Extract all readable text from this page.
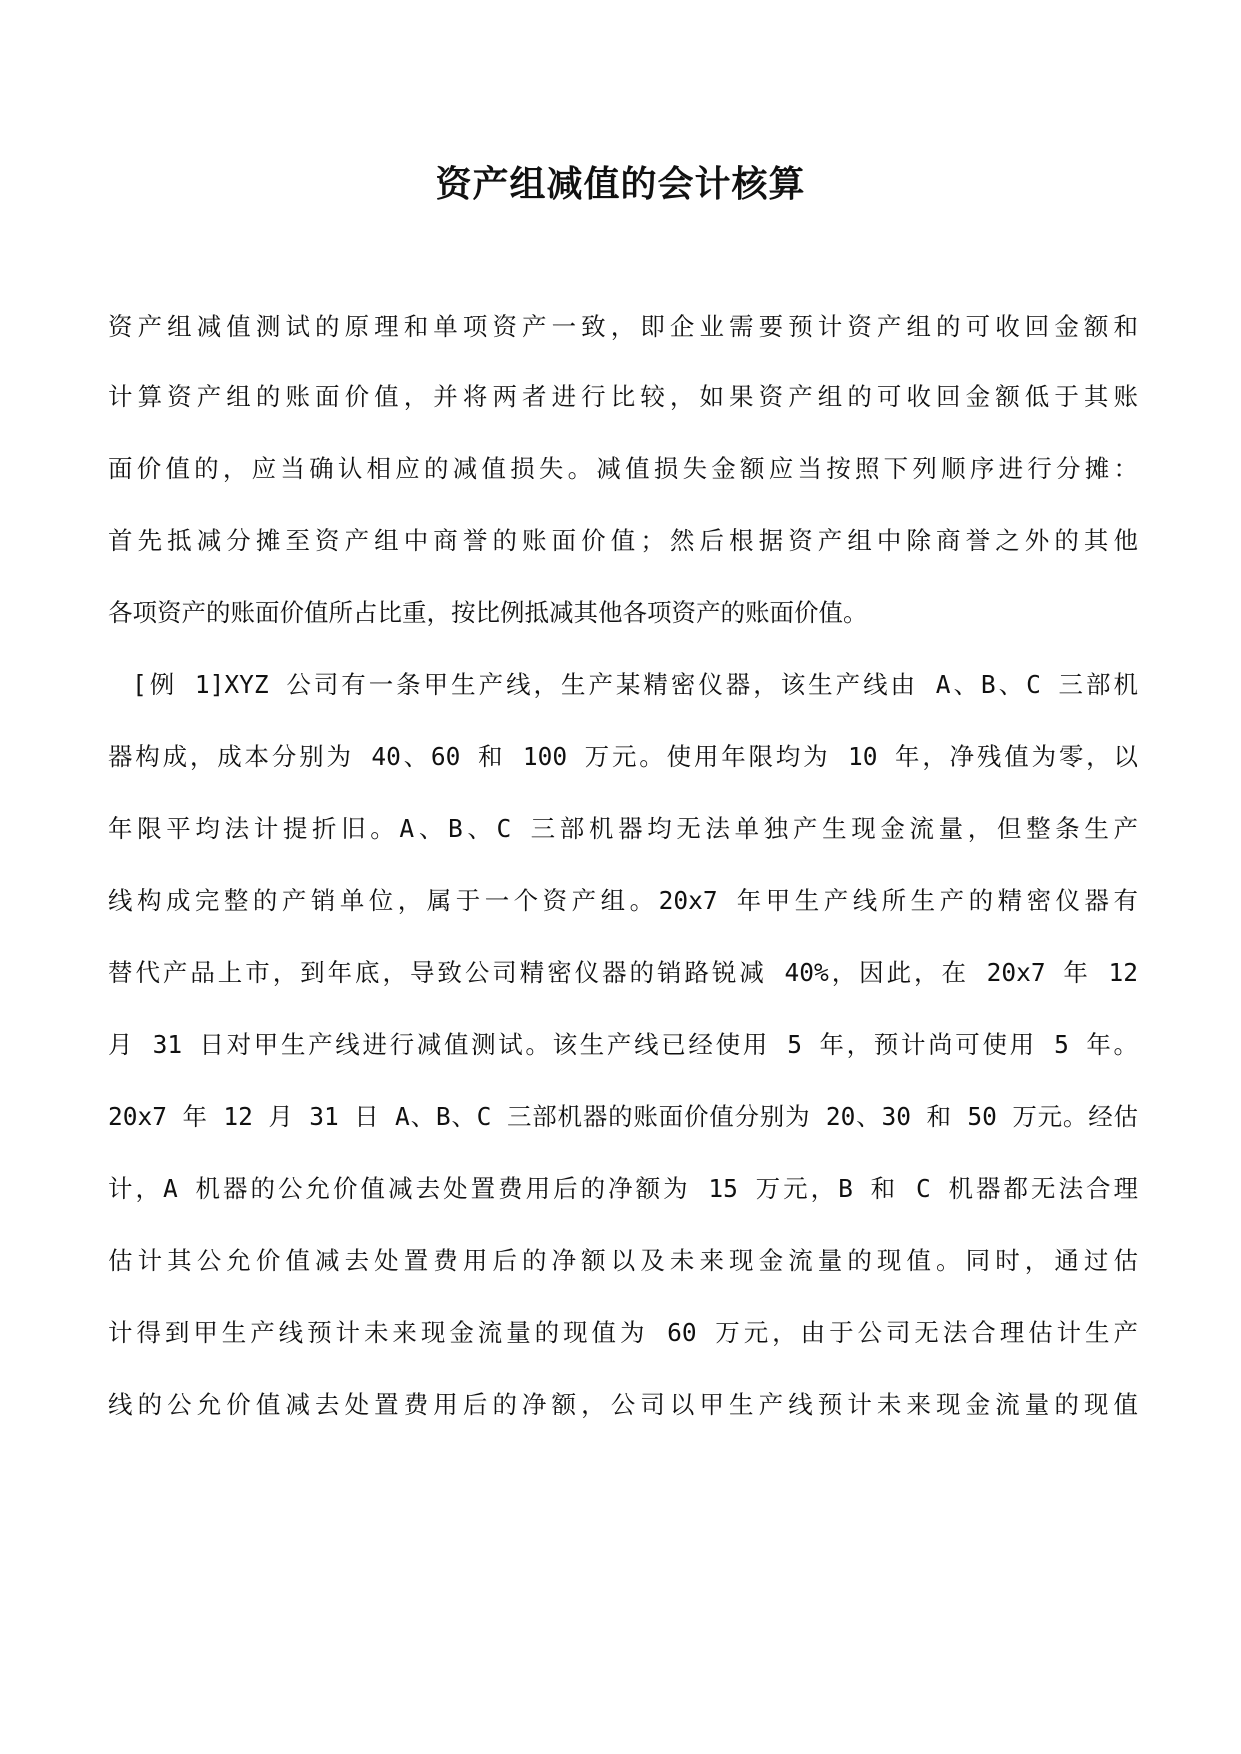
资产组减值的会计核算
资产组减值测试的原理和单项资产一致，即企业需要预计资产组的可收回金额和
计算资产组的账面价值，并将两者进行比较，如果资产组的可收回金额低于其账
面价值的，应当确认相应的减值损失。减值损失金额应当按照下列顺序进行分摊：
首先抵减分摊至资产组中商誉的账面价值；然后根据资产组中除商誉之外的其他
各项资产的账面价值所占比重，按比例抵减其他各项资产的账面价值。
[例 1]XYZ 公司有一条甲生产线，生产某精密仪器，该生产线由 A、B、C 三部机
器构成，成本分别为 40、60 和 100 万元。使用年限均为 10 年，净残值为零，以
年限平均法计提折旧。A、B、C 三部机器均无法单独产生现金流量，但整条生产
线构成完整的产销单位，属于一个资产组。20x7 年甲生产线所生产的精密仪器有
替代产品上市，到年底，导致公司精密仪器的销路锐减 40%，因此，在 20x7 年 12
月 31 日对甲生产线进行减值测试。该生产线已经使用 5 年，预计尚可使用 5 年。
20x7 年 12 月 31 日 A、B、C 三部机器的账面价值分别为 20、30 和 50 万元。经估
计，A 机器的公允价值减去处置费用后的净额为 15 万元，B 和 C 机器都无法合理
估计其公允价值减去处置费用后的净额以及未来现金流量的现值。同时，通过估
计得到甲生产线预计未来现金流量的现值为 60 万元，由于公司无法合理估计生产
线的公允价值减去处置费用后的净额，公司以甲生产线预计未来现金流量的现值
